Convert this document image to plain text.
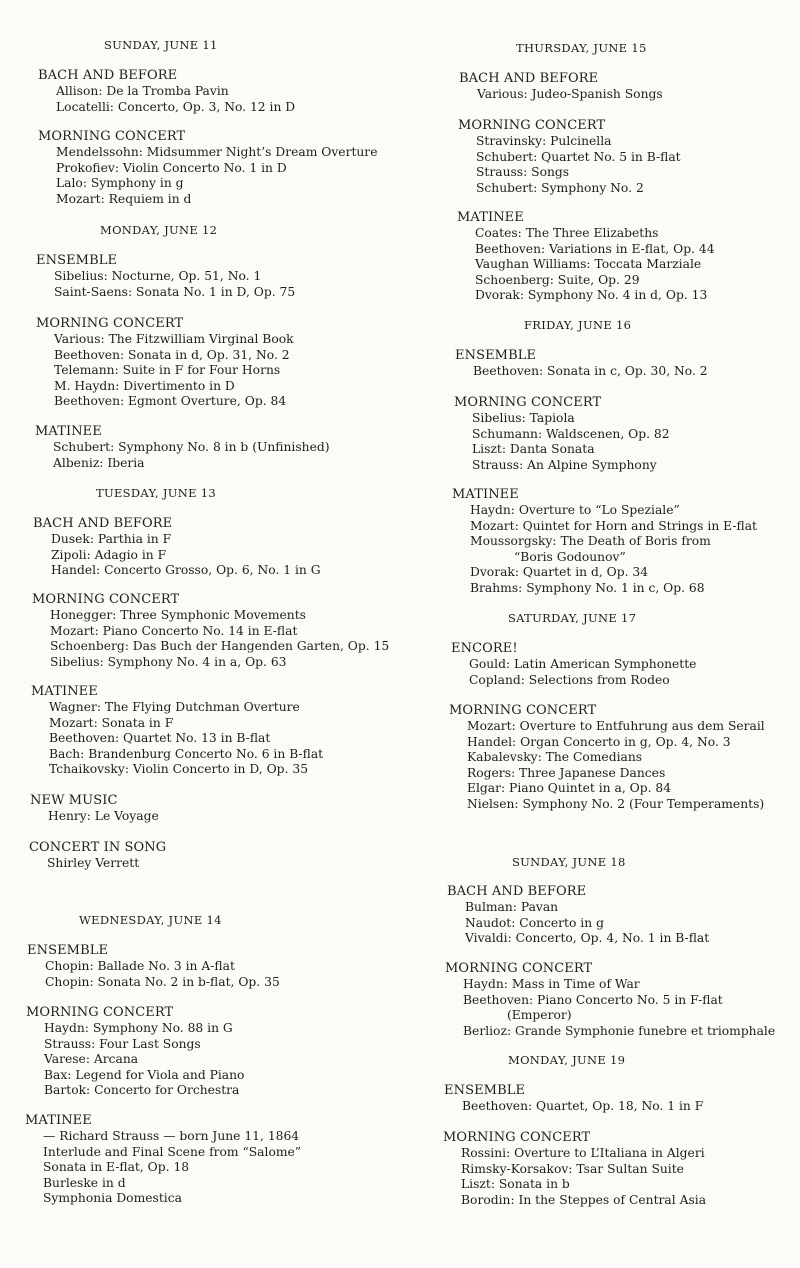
SUNDAY, JUNE 11
BACH AND BEFORE
Allison: De la Tromba Pavin
Locatelli: Concerto, Op. 3, No. 12 in D
MORNING CONCERT
Mendelssohn: Midsummer Night’s Dream Overture
Prokofiev: Violin Concerto No. 1 in D
Lalo: Symphony in g
Mozart: Requiem in d
MONDAY, JUNE 12
ENSEMBLE
Sibelius: Nocturne, Op. 51, No. 1
Saint-Saens: Sonata No. 1 in D, Op. 75
MORNING CONCERT
Various: The Fitzwilliam Virginal Book
Beethoven: Sonata in d, Op. 31, No. 2
Telemann: Suite in F for Four Horns
M. Haydn: Divertimento in D
Beethoven: Egmont Overture, Op. 84
MATINEE
Schubert: Symphony No. 8 in b (Unfinished)
Albeniz: Iberia
TUESDAY, JUNE 13
BACH AND BEFORE
Dusek: Parthia in F
Zipoli: Adagio in F
Handel: Concerto Grosso, Op. 6, No. 1 in G
MORNING CONCERT
Honegger: Three Symphonic Movements
Mozart: Piano Concerto No. 14 in E-flat
Schoenberg: Das Buch der Hangenden Garten, Op. 15
Sibelius: Symphony No. 4 in a, Op. 63
MATINEE
Wagner: The Flying Dutchman Overture
Mozart: Sonata in F
Beethoven: Quartet No. 13 in B-flat
Bach: Brandenburg Concerto No. 6 in B-flat
Tchaikovsky: Violin Concerto in D, Op. 35
NEW MUSIC
Henry: Le Voyage
CONCERT IN SONG
Shirley Verrett
WEDNESDAY, JUNE 14
ENSEMBLE
Chopin: Ballade No. 3 in A-flat
Chopin: Sonata No. 2 in b-flat, Op. 35
MORNING CONCERT
Haydn: Symphony No. 88 in G
Strauss: Four Last Songs
Varese: Arcana
Bax: Legend for Viola and Piano
Bartok: Concerto for Orchestra
MATINEE
— Richard Strauss — born June 11, 1864
Interlude and Final Scene from “Salome”
Sonata in E-flat, Op. 18
Burleske in d
Symphonia Domestica
THURSDAY, JUNE 15
BACH AND BEFORE
Various: Judeo-Spanish Songs
MORNING CONCERT
Stravinsky: Pulcinella
Schubert: Quartet No. 5 in B-flat
Strauss: Songs
Schubert: Symphony No. 2
MATINEE
Coates: The Three Elizabeths
Beethoven: Variations in E-flat, Op. 44
Vaughan Williams: Toccata Marziale
Schoenberg: Suite, Op. 29
Dvorak: Symphony No. 4 in d, Op. 13
FRIDAY, JUNE 16
ENSEMBLE
Beethoven: Sonata in c, Op. 30, No. 2
MORNING CONCERT
Sibelius: Tapiola
Schumann: Waldscenen, Op. 82
Liszt: Danta Sonata
Strauss: An Alpine Symphony
MATINEE
Haydn: Overture to “Lo Speziale”
Mozart: Quintet for Horn and Strings in E-flat
Moussorgsky: The Death of Boris from
“Boris Godounov”
Dvorak: Quartet in d, Op. 34
Brahms: Symphony No. 1 in c, Op. 68
SATURDAY, JUNE 17
ENCORE!
Gould: Latin American Symphonette
Copland: Selections from Rodeo
MORNING CONCERT
Mozart: Overture to Entfuhrung aus dem Serail
Handel: Organ Concerto in g, Op. 4, No. 3
Kabalevsky: The Comedians
Rogers: Three Japanese Dances
Elgar: Piano Quintet in a, Op. 84
Nielsen: Symphony No. 2 (Four Temperaments)
SUNDAY, JUNE 18
BACH AND BEFORE
Bulman: Pavan
Naudot: Concerto in g
Vivaldi: Concerto, Op. 4, No. 1 in B-flat
MORNING CONCERT
Haydn: Mass in Time of War
Beethoven: Piano Concerto No. 5 in F-flat
(Emperor)
Berlioz: Grande Symphonie funebre et triomphale
MONDAY, JUNE 19
ENSEMBLE
Beethoven: Quartet, Op. 18, No. 1 in F
MORNING CONCERT
Rossini: Overture to L’Italiana in Algeri
Rimsky-Korsakov: Tsar Sultan Suite
Liszt: Sonata in b
Borodin: In the Steppes of Central Asia
